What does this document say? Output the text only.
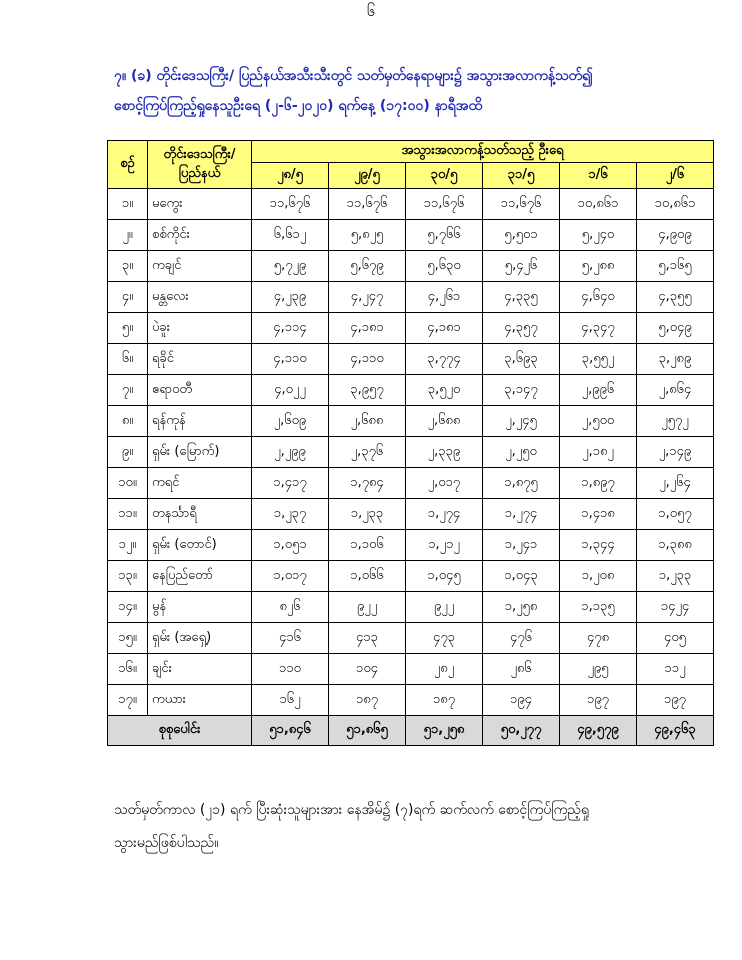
၆
၇။ (ခ) တိုင်းဒေသကြီး/ ပြည်နယ်အသီးသီးတွင် သတ်မှတ်နေရာများ၌ အသွားအလာကန့်သတ်၍
စောင့်ကြပ်ကြည့်ရှုနေသူဦးရေ (၂-၆-၂၀၂၀) ရက်နေ့ (၁၇:၀၀) နာရီအထိ
စဉ်	တိုင်းဒေသကြီး/ ပြည်နယ်	အသွားအလာကန့်သတ်သည့် ဦးရေ					
		၂၈/၅	၂၉/၅	၃၀/၅	၃၁/၅	၁/၆	၂/၆
၁။	မကွေး	၁၁,၆၇၆	၁၁,၆၇၆	၁၁,၆၇၆	၁၁,၆၇၆	၁၀,၈၆၁	၁၀,၈၆၁
၂။	စစ်ကိုင်း	၆,၆၁၂	၅,၈၂၅	၅,၇၆၆	၅,၅၀၁	၅,၂၄၀	၄,၉၀၉
၃။	ကချင်	၅,၇၂၉	၅,၆၇၉	၅,၆၃၀	၅,၄၂၆	၅,၂၈၈	၅,၁၆၅
၄။	မန္တလေး	၄,၂၃၉	၄,၂၄၇	၄,၂၆၁	၄,၃၃၅	၄,၆၄၀	၄,၃၅၅
၅။	ပဲခူး	၄,၁၁၄	၄,၁၈၁	၄,၁၈၁	၄,၃၅၇	၄,၃၄၇	၅,၀၄၉
၆။	ရခိုင်	၄,၁၁၀	၄,၁၁၀	၃,၇၇၄	၃,၆၉၃	၃,၅၅၂	၃,၂၈၉
၇။	ဧရာဝတီ	၄,၀၂၂	၃,၉၅၇	၃,၅၂၀	၃,၁၄၇	၂,၉၉၆	၂,၈၆၄
၈။	ရန်ကုန်	၂,၆၀၉	၂,၆၈၈	၂,၆၈၈	၂,၂၄၅	၂,၅၀၀	၂၅၇၂
၉။	ရှမ်း (မြောက်)	၂,၂၉၉	၂,၃၇၆	၂,၃၃၉	၂,၂၅၀	၂,၁၈၂	၂,၁၄၉
၁၀။	ကရင်	၁,၄၁၇	၁,၇၈၄	၂,၀၁၇	၁,၈၇၅	၁,၈၉၇	၂,၂၆၄
၁၁။	တနင်္သာရီ	၁,၂၃၇	၁,၂၃၃	၁,၂၇၄	၁,၂၇၄	၁,၄၁၈	၁,၀၅၇
၁၂။	ရှမ်း (တောင်)	၁,၀၅၁	၁,၁၀၆	၁,၂၁၂	၁,၂၄၁	၁,၃၄၄	၁,၃၈၈
၁၃။	နေပြည်တော်	၁,၀၁၇	၁,၀၆၆	၁,၀၄၅	၁,၀၄၃	၁,၂၀၈	၁,၂၃၃
၁၄။	မွန်	၈၂၆	၉၂၂	၉၂၂	၁,၂၅၈	၁,၁၃၅	၁၄၂၄
၁၅။	ရှမ်း (အရှေ့)	၄၁၆	၄၁၃	၄၇၃	၄၇၆	၄၇၈	၄၀၅
၁၆။	ချင်း	၁၁၀	၁၀၄	၂၈၂	၂၈၆	၂၉၅	၁၁၂
၁၇။	ကယား	၁၆၂	၁၈၇	၁၈၇	၁၉၄	၁၉၇	၁၉၇
စုစုပေါင်း		၅၁,၈၄၆	၅၁,၈၆၅	၅၁,၂၅၈	၅၀,၂၇၇	၄၉,၅၇၉	၄၉,၄၆၃
သတ်မှတ်ကာလ (၂၁) ရက် ပြီးဆုံးသူများအား နေအိမ်၌ (၇)ရက် ဆက်လက် စောင့်ကြပ်ကြည့်ရှု
သွားမည်ဖြစ်ပါသည်။
